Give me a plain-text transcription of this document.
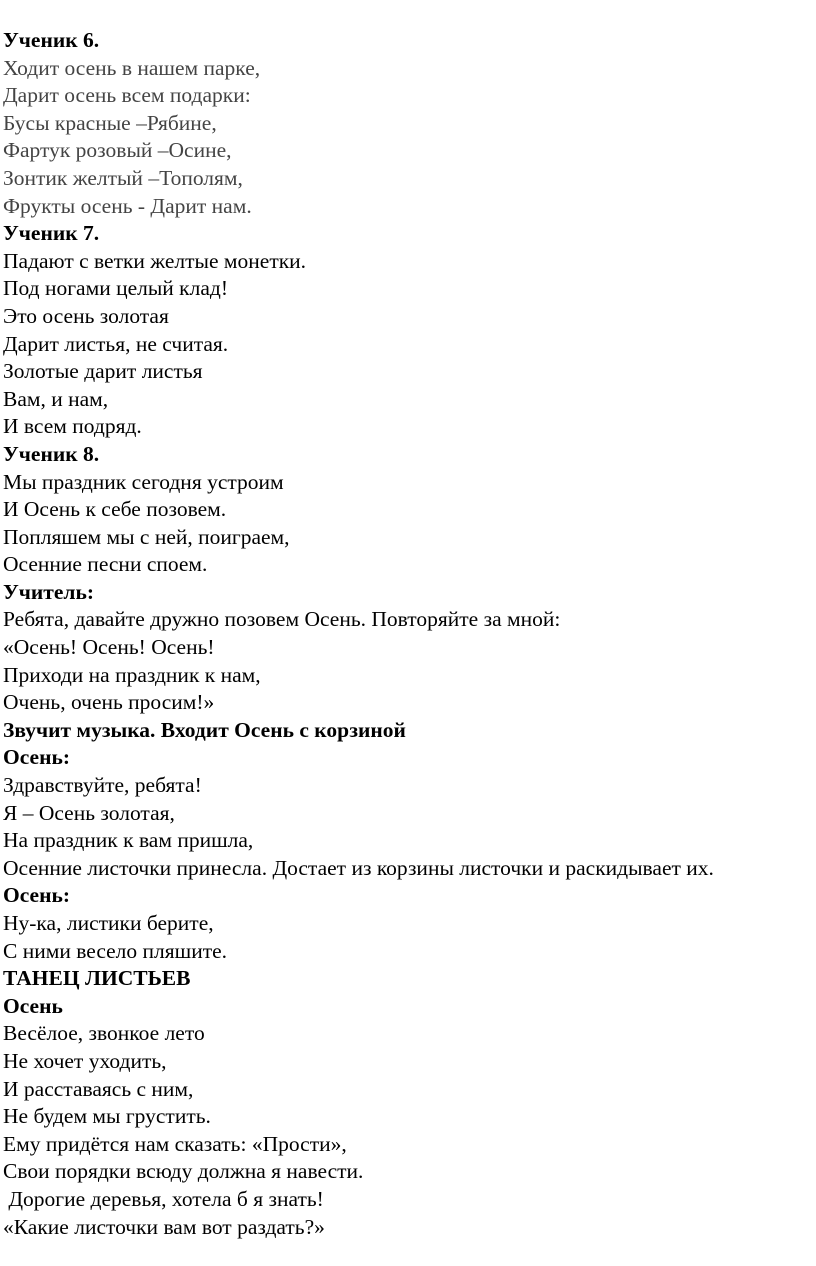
Ученик 6.
Ходит осень в нашем парке,
Дарит осень всем подарки:
Бусы красные –Рябине,
Фартук розовый –Осине,
Зонтик желтый –Тополям,
Фрукты осень - Дарит нам.
Ученик 7.
Падают с ветки желтые монетки.
Под ногами целый клад!
Это осень золотая
Дарит листья, не считая.
Золотые дарит листья
Вам, и нам,
И всем подряд.
Ученик 8.
Мы праздник сегодня устроим
И Осень к себе позовем.
Попляшем мы с ней, поиграем,
Осенние песни споем.
Учитель:
Ребята, давайте дружно позовем Осень. Повторяйте за мной:
«Осень! Осень! Осень!
Приходи на праздник к нам,
Очень, очень просим!»
Звучит музыка. Входит Осень с корзиной
Осень:
Здравствуйте, ребята!
Я – Осень золотая,
На праздник к вам пришла,
Осенние листочки принесла. Достает из корзины листочки и раскидывает их.
Осень:
Ну-ка, листики берите,
С ними весело пляшите.
ТАНЕЦ ЛИСТЬЕВ
Осень
Весёлое, звонкое лето
Не хочет уходить,
И расставаясь с ним,
Не будем мы грустить.
Ему придётся нам сказать: «Прости»,
Свои порядки всюду должна я навести.
Дорогие деревья, хотела б я знать!
«Какие листочки вам вот раздать?»
